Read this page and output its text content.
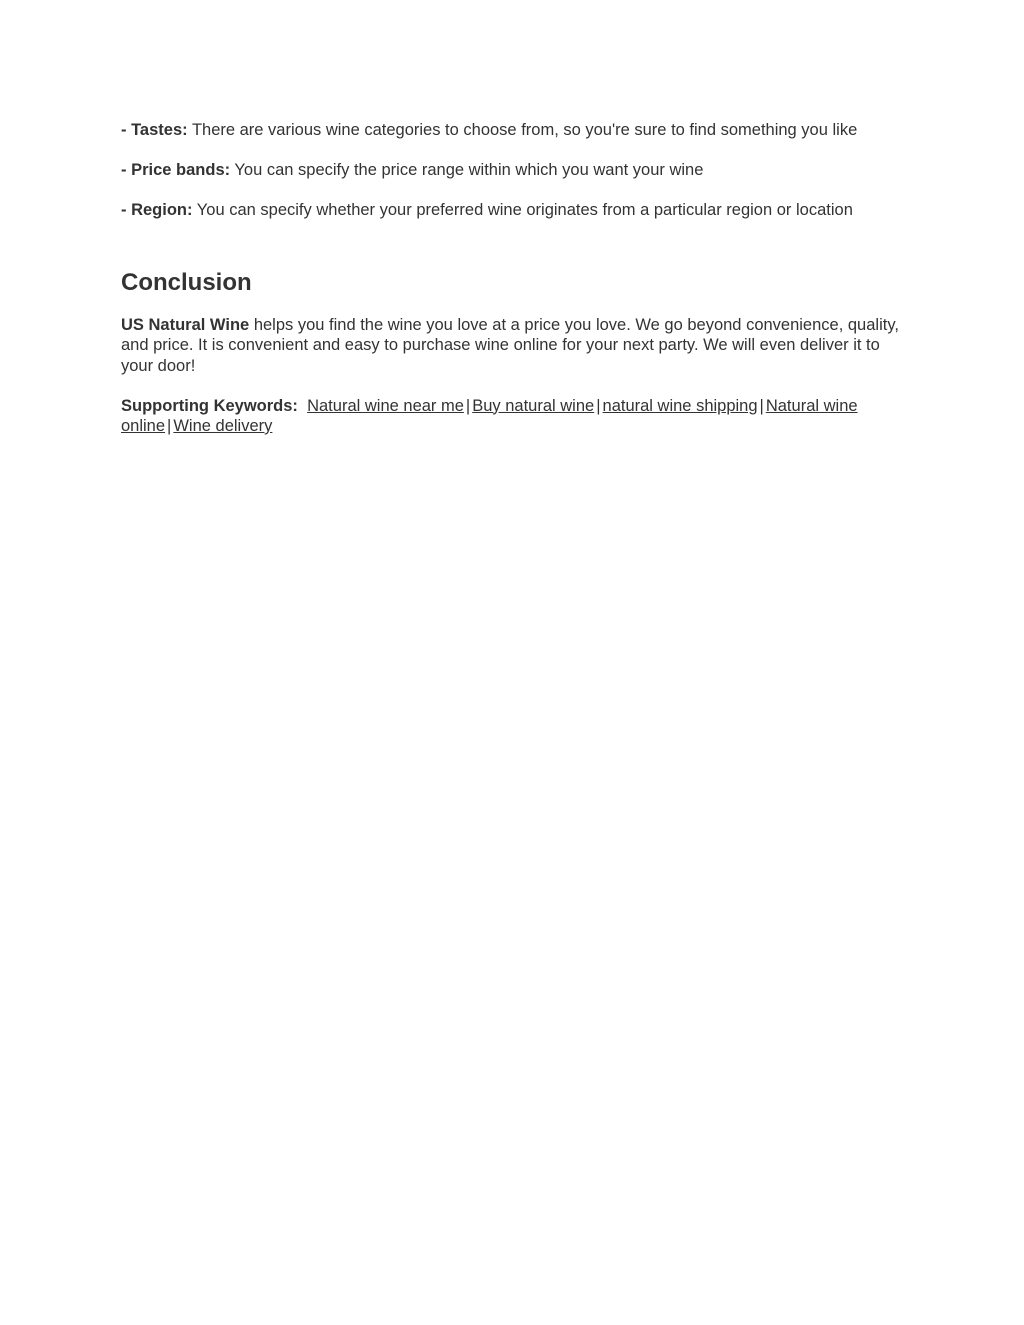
- Tastes: There are various wine categories to choose from, so you're sure to find something you like

- Price bands: You can specify the price range within which you want your wine

- Region: You can specify whether your preferred wine originates from a particular region or location

Conclusion

US Natural Wine helps you find the wine you love at a price you love. We go beyond convenience, quality, and price. It is convenient and easy to purchase wine online for your next party. We will even deliver it to your door!

Supporting Keywords: Natural wine near me | Buy natural wine | natural wine shipping | Natural wine online | Wine delivery
